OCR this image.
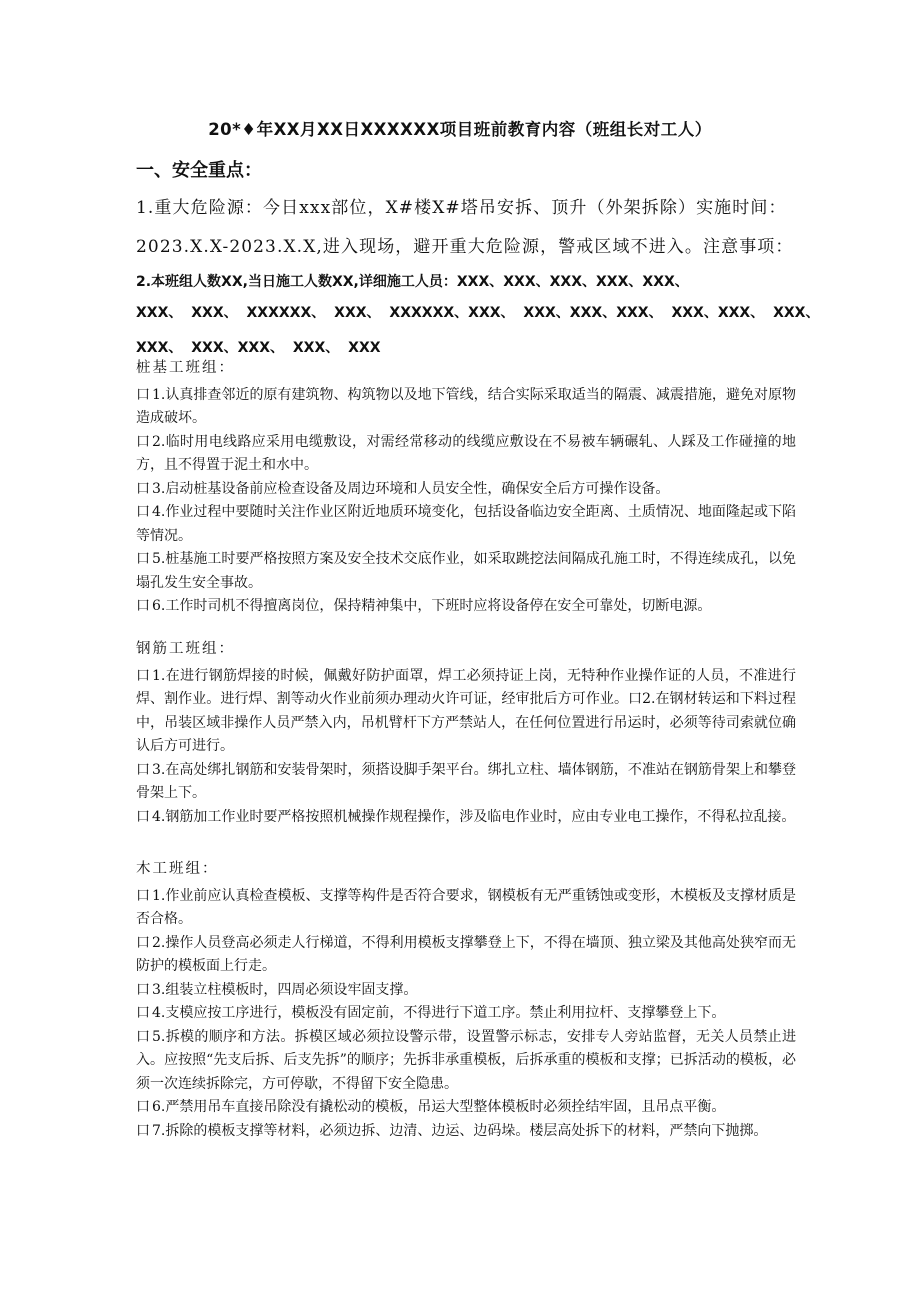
20*♦年XX月XX日XXXXXX项目班前教育内容（班组长对工人）
一、安全重点：
1.重大危险源：今日xxx部位，X#楼X#塔吊安拆、顶升（外架拆除）实施时间：
2023.X.X-2023.X.X,进入现场，避开重大危险源，警戒区域不进入。注意事项：
2.本班组人数XX,当日施工人数XX,详细施工人员：XXX、XXX、XXX、XXX、XXX、
XXX、 XXX、 XXXXXX、 XXX、 XXXXXX、XXX、 XXX、XXX、XXX、 XXX、XXX、 XXX、
XXX、 XXX、XXX、 XXX、 XXX
桩基工班组：
口 1.认真排查邻近的原有建筑物、构筑物以及地下管线，结合实际采取适当的隔震、减震措施，避免对原物造成破坏。
口 2.临时用电线路应采用电缆敷设，对需经常移动的线缆应敷设在不易被车辆碾轧、人踩及工作碰撞的地方，且不得置于泥土和水中。
口 3.启动桩基设备前应检查设备及周边环境和人员安全性，确保安全后方可操作设备。
口 4.作业过程中要随时关注作业区附近地质环境变化，包括设备临边安全距离、土质情况、地面隆起或下陷等情况。
口 5.桩基施工时要严格按照方案及安全技术交底作业，如采取跳挖法间隔成孔施工时，不得连续成孔，以免塌孔发生安全事故。
口 6.工作时司机不得擅离岗位，保持精神集中，下班时应将设备停在安全可靠处，切断电源。
钢筋工班组：
口 1.在进行钢筋焊接的时候，佩戴好防护面罩，焊工必须持证上岗，无特种作业操作证的人员，不准进行焊、割作业。进行焊、割等动火作业前须办理动火许可证，经审批后方可作业。口2.在钢材转运和下料过程中，吊装区域非操作人员严禁入内，吊机臂杆下方严禁站人，在任何位置进行吊运时，必须等待司索就位确认后方可进行。
口 3.在高处绑扎钢筋和安装骨架时，须搭设脚手架平台。绑扎立柱、墙体钢筋，不准站在钢筋骨架上和攀登骨架上下。
口 4.钢筋加工作业时要严格按照机械操作规程操作，涉及临电作业时，应由专业电工操作，不得私拉乱接。
木工班组：
口 1.作业前应认真检查模板、支撑等构件是否符合要求，钢模板有无严重锈蚀或变形，木模板及支撑材质是否合格。
口 2.操作人员登高必须走人行梯道，不得利用模板支撑攀登上下，不得在墙顶、独立梁及其他高处狭窄而无防护的模板面上行走。
口 3.组装立柱模板时，四周必须设牢固支撑。
口 4.支模应按工序进行，模板没有固定前，不得进行下道工序。禁止利用拉杆、支撑攀登上下。
口 5.拆模的顺序和方法。拆模区域必须拉设警示带，设置警示标志，安排专人旁站监督，无关人员禁止进入。应按照“先支后拆、后支先拆”的顺序；先拆非承重模板，后拆承重的模板和支撑；已拆活动的模板，必须一次连续拆除完，方可停歇，不得留下安全隐患。
口 6.严禁用吊车直接吊除没有撬松动的模板，吊运大型整体模板时必须拴结牢固，且吊点平衡。
口 7.拆除的模板支撑等材料，必须边拆、边清、边运、边码垛。楼层高处拆下的材料，严禁向下抛掷。
